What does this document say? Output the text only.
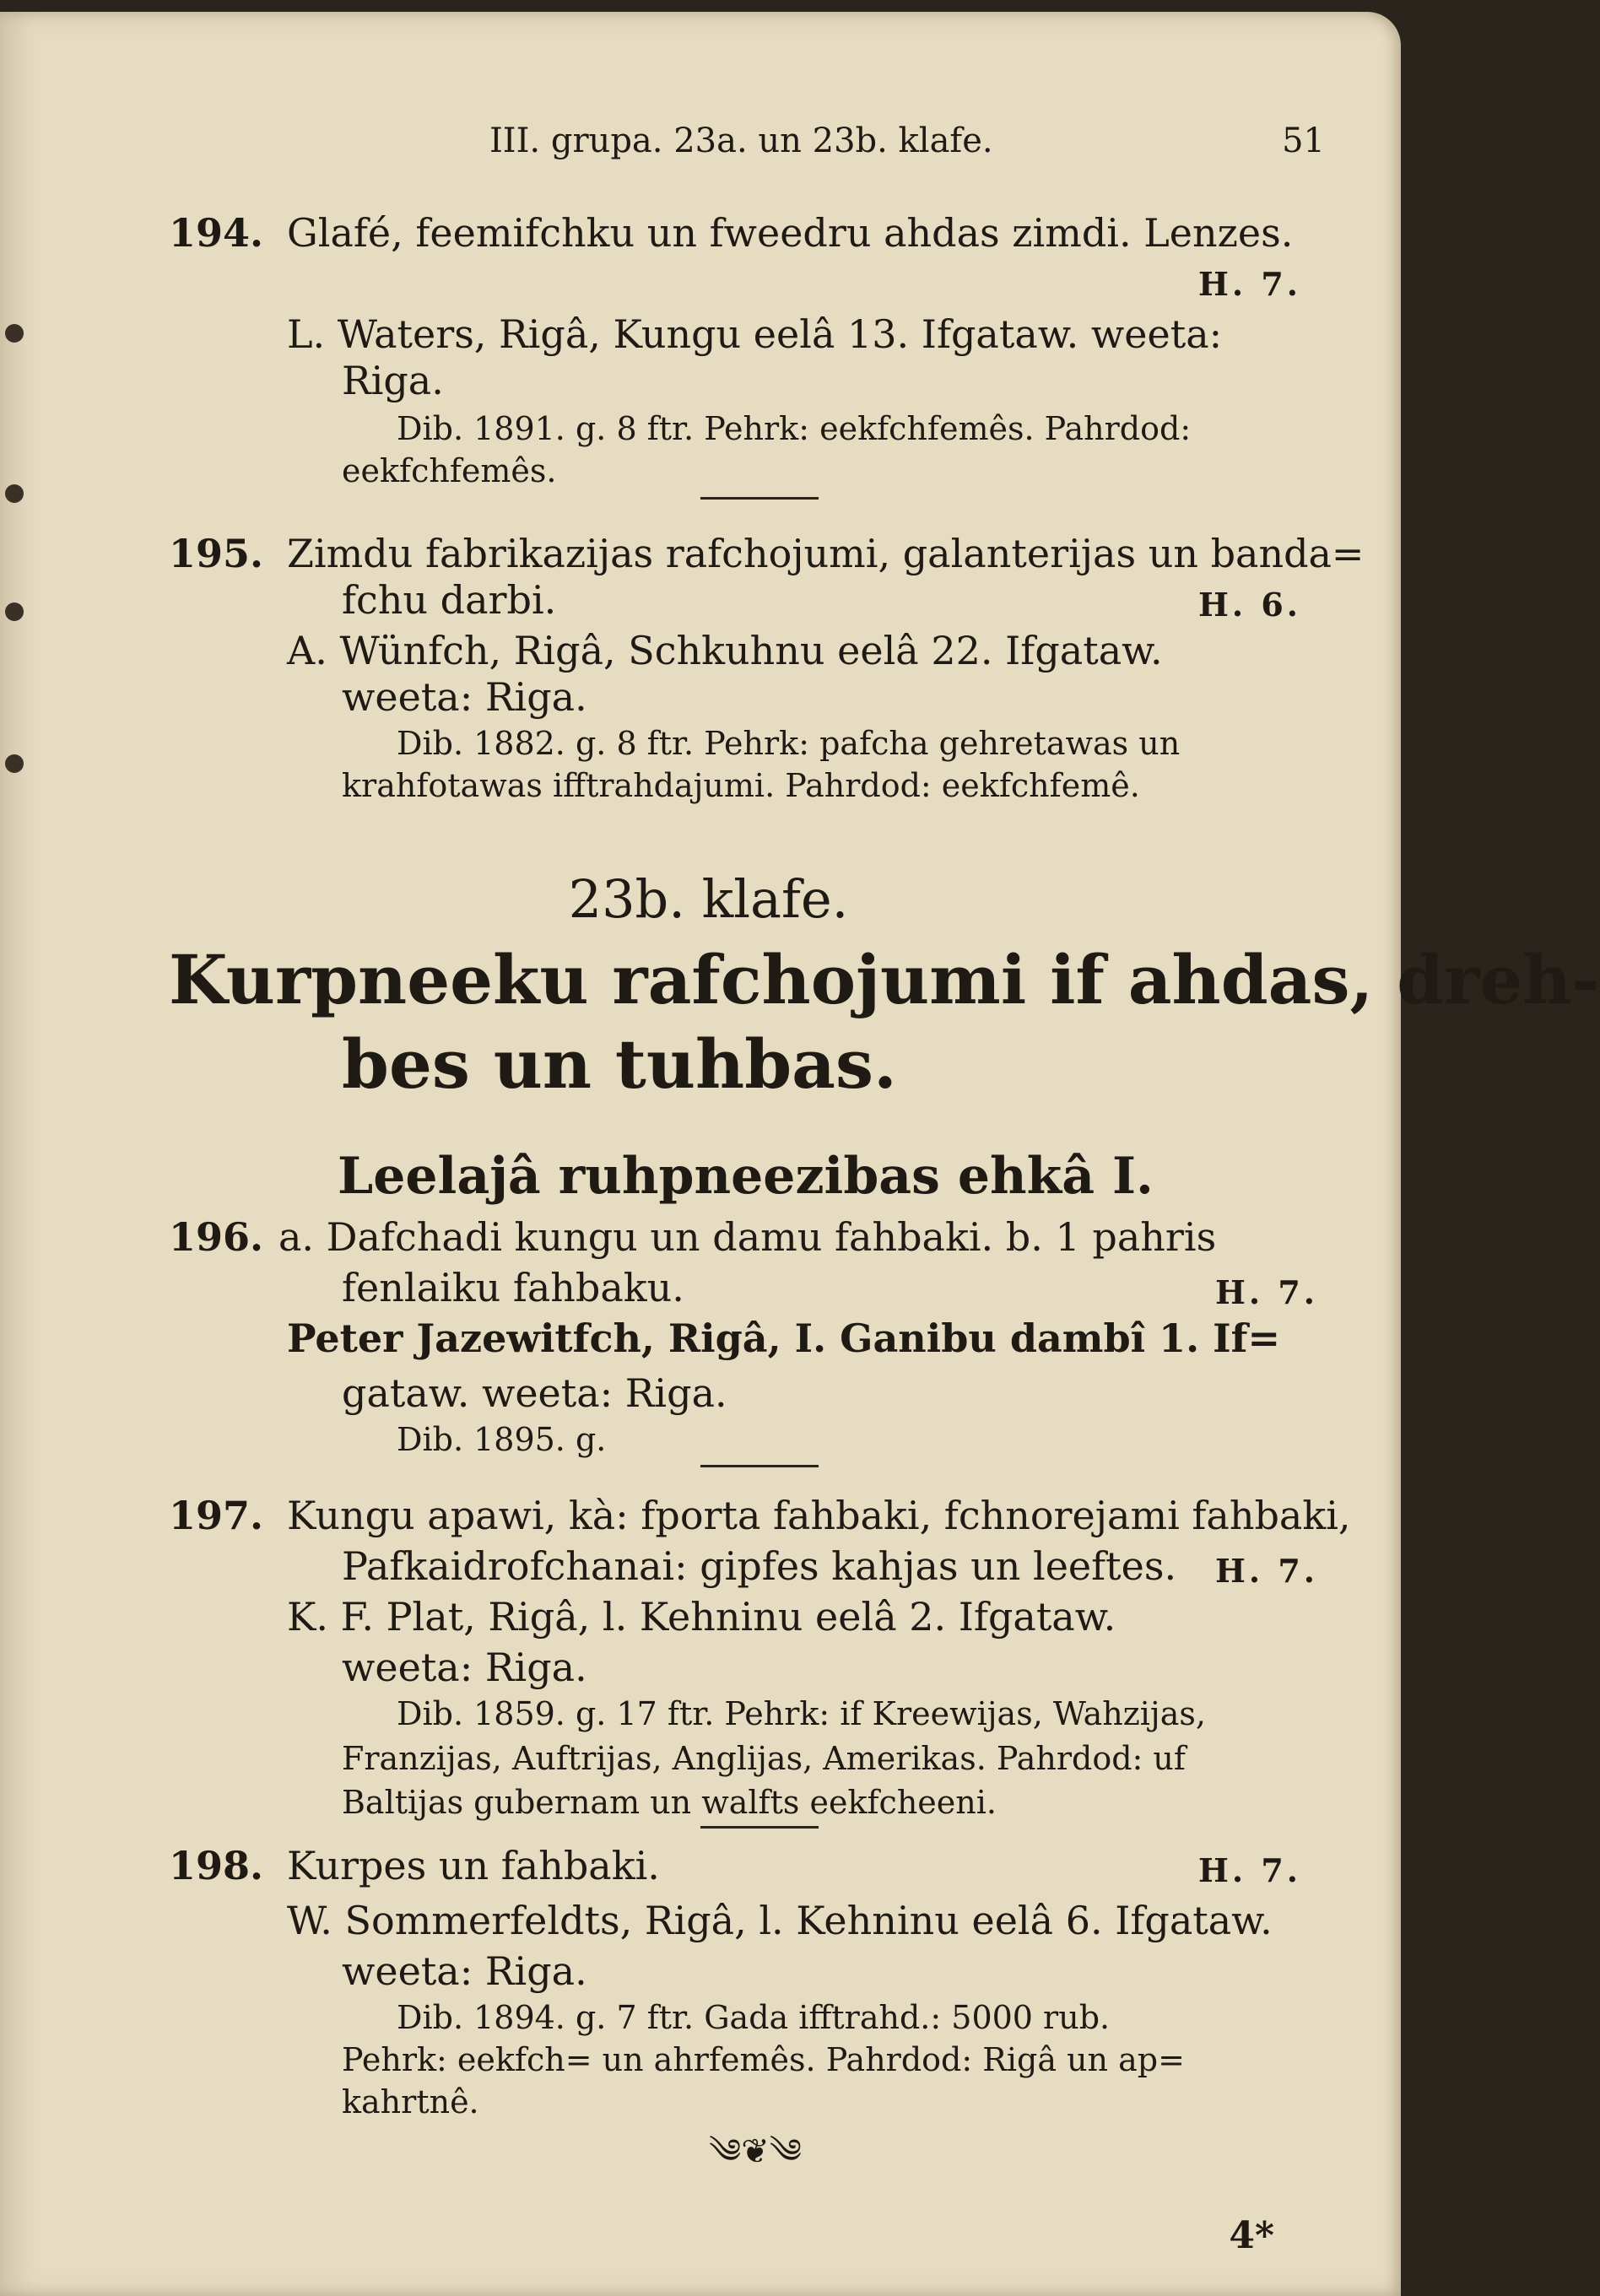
III. grupa. 23a. un 23b. klafe.	51
194. Glafé, feemifchku un fweedru ahdas zimdi. Lenzes.
H. 7.
L. Waters, Rigâ, Kungu eelâ 13. Ifgataw. weeta:
Riga.
Dib. 1891. g. 8 ftr. Pehrk: eekfchfemês. Pahrdod:
eekfchfemês.
195. Zimdu fabrikazijas rafchojumi, galanterijas un banda=
fchu darbi.	H. 6.
A. Wünfch, Rigâ, Schkuhnu eelâ 22. Ifgataw.
weeta: Riga.
Dib. 1882. g. 8 ftr. Pehrk: pafcha gehretawas un
krahfotawas ifftrahdajumi. Pahrdod: eekfchfemê.
23b. klafe.
Kurpneeku rafchojumi if ahdas, dreh-
bes un tuhbas.
Leelajâ ruhpneezibas ehkâ I.
196. a. Dafchadi kungu un damu fahbaki. b. 1 pahris
fenlaiku fahbaku.	H. 7.
Peter Jazewitfch, Rigâ, I. Ganibu dambî 1. If=
gataw. weeta: Riga.
Dib. 1895. g.
197. Kungu apawi, kà: fporta fahbaki, fchnorejami fahbaki,
Pafkaidrofchanai: gipfes kahjas un leeftes. H. 7.
K. F. Plat, Rigâ, l. Kehninu eelâ 2. Ifgataw.
weeta: Riga.
Dib. 1859. g. 17 ftr. Pehrk: if Kreewijas, Wahzijas,
Franzijas, Auftrijas, Anglijas, Amerikas. Pahrdod: uf
Baltijas gubernam un walfts eekfcheeni.
198. Kurpes un fahbaki.	H. 7.
W. Sommerfeldts, Rigâ, l. Kehninu eelâ 6. Ifgataw.
weeta: Riga.
Dib. 1894. g. 7 ftr. Gada ifftrahd.: 5000 rub.
Pehrk: eekfch= un ahrfemês. Pahrdod: Rigâ un ap=
kahrtnê.
༄❦༄
4*
